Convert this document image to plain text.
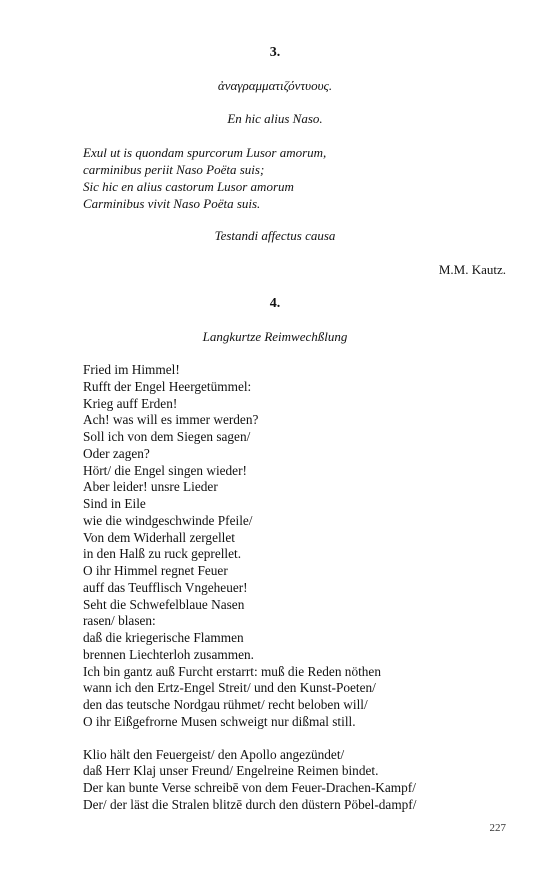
3.
ἀναγραμματιζόντυους.
En hic alius Naso.
Exul ut is quondam spurcorum Lusor amorum,
carminibus periit Naso Poëta suis;
Sic hic en alius castorum Lusor amorum
Carminibus vivit Naso Poëta suis.
Testandi affectus causa
M.M. Kautz.
4.
Langkurtze Reimwechßlung
Fried im Himmel!
Rufft der Engel Heergetümmel:
Krieg auff Erden!
Ach! was will es immer werden?
Soll ich von dem Siegen sagen/
Oder zagen?
Hört/ die Engel singen wieder!
Aber leider! unsre Lieder
Sind in Eile
wie die windgeschwinde Pfeile/
Von dem Widerhall zergellet
in den Halß zu ruck geprellet.
O ihr Himmel regnet Feuer
auff das Teufflisch Vngeheuer!
Seht die Schwefelblaue Nasen
rasen/ blasen:
daß die kriegerische Flammen
brennen Liechterloh zusammen.
Ich bin gantz auß Furcht erstarrt: muß die Reden nöthen
wann ich den Ertz-Engel Streit/ und den Kunst-Poeten/
den das teutsche Nordgau rühmet/ recht beloben will/
O ihr Eißgefrorne Musen schweigt nur dißmal still.
Klio hält den Feuergeist/ den Apollo angezündet/
daß Herr Klaj unser Freund/ Engelreine Reimen bindet.
Der kan bunte Verse schreibē von dem Feuer-Drachen-Kampf/
Der/ der läst die Stralen blitzē durch den düstern Pöbel-dampf/
227
